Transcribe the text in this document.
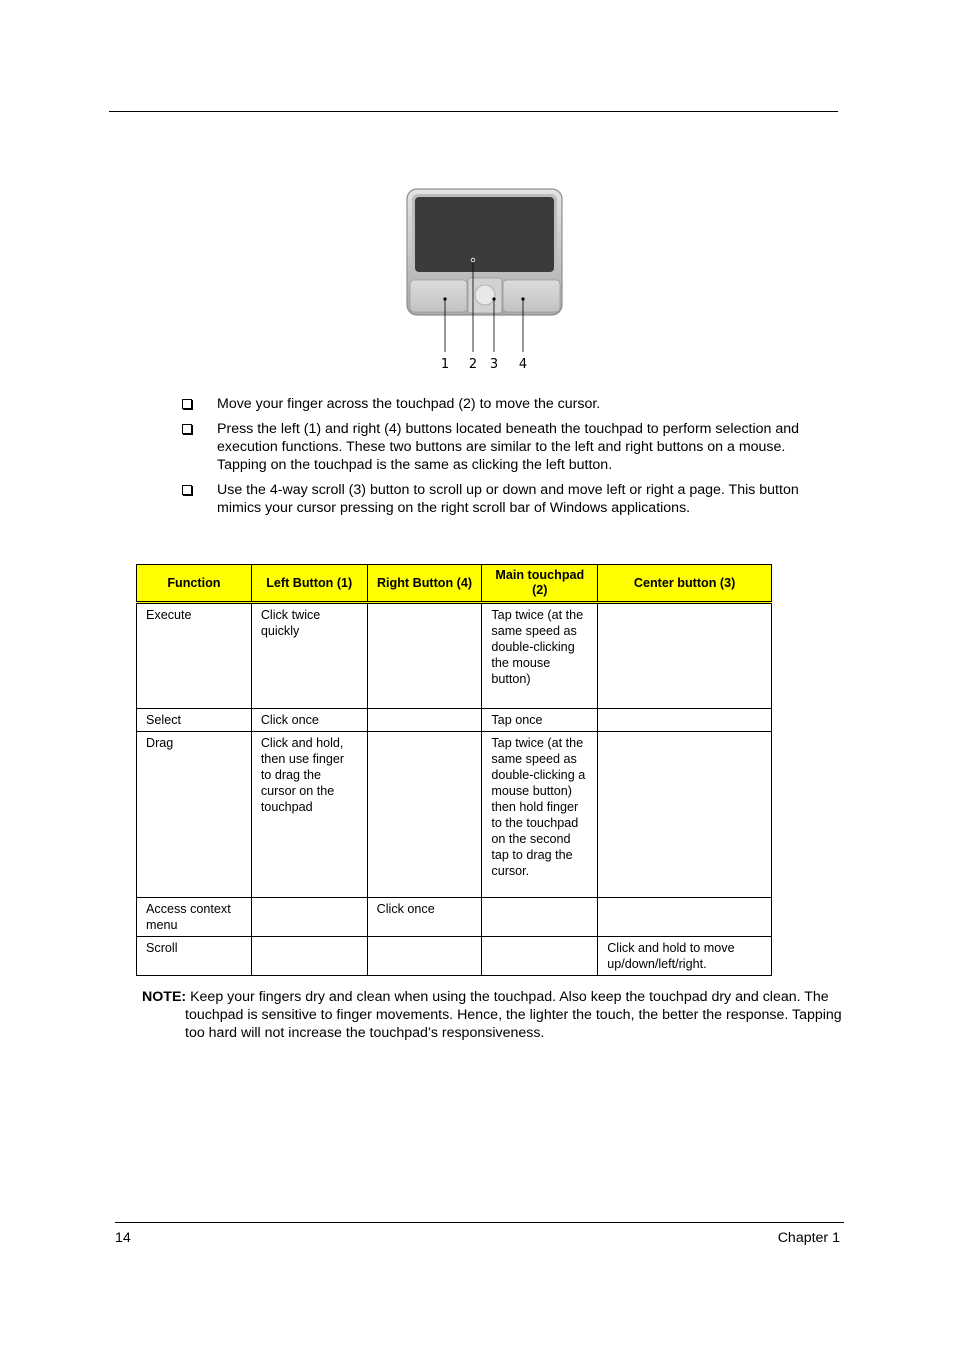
1 2 3 4
Move your finger across the touchpad (2) to move the cursor.
Press the left (1) and right (4) buttons located beneath the touchpad to perform selection and execution functions. These two buttons are similar to the left and right buttons on a mouse. Tapping on the touchpad is the same as clicking the left button.
Use the 4-way scroll (3) button to scroll up or down and move left or right a page. This button mimics your cursor pressing on the right scroll bar of Windows applications.
Function	Left Button (1)	Right Button (4)	Main touchpad (2)	Center button (3)
Execute	Click twice quickly		Tap twice (at the same speed as double-clicking the mouse button)	
Select	Click once		Tap once	
Drag	Click and hold, then use finger to drag the cursor on the touchpad		Tap twice (at the same speed as double-clicking a mouse button) then hold finger to the touchpad on the second tap to drag the cursor.	
Access context menu		Click once		
Scroll				Click and hold to move up/down/left/right.

NOTE: Keep your fingers dry and clean when using the touchpad. Also keep the touchpad dry and clean. The touchpad is sensitive to finger movements. Hence, the lighter the touch, the better the response. Tapping too hard will not increase the touchpad’s responsiveness.

14	Chapter 1
